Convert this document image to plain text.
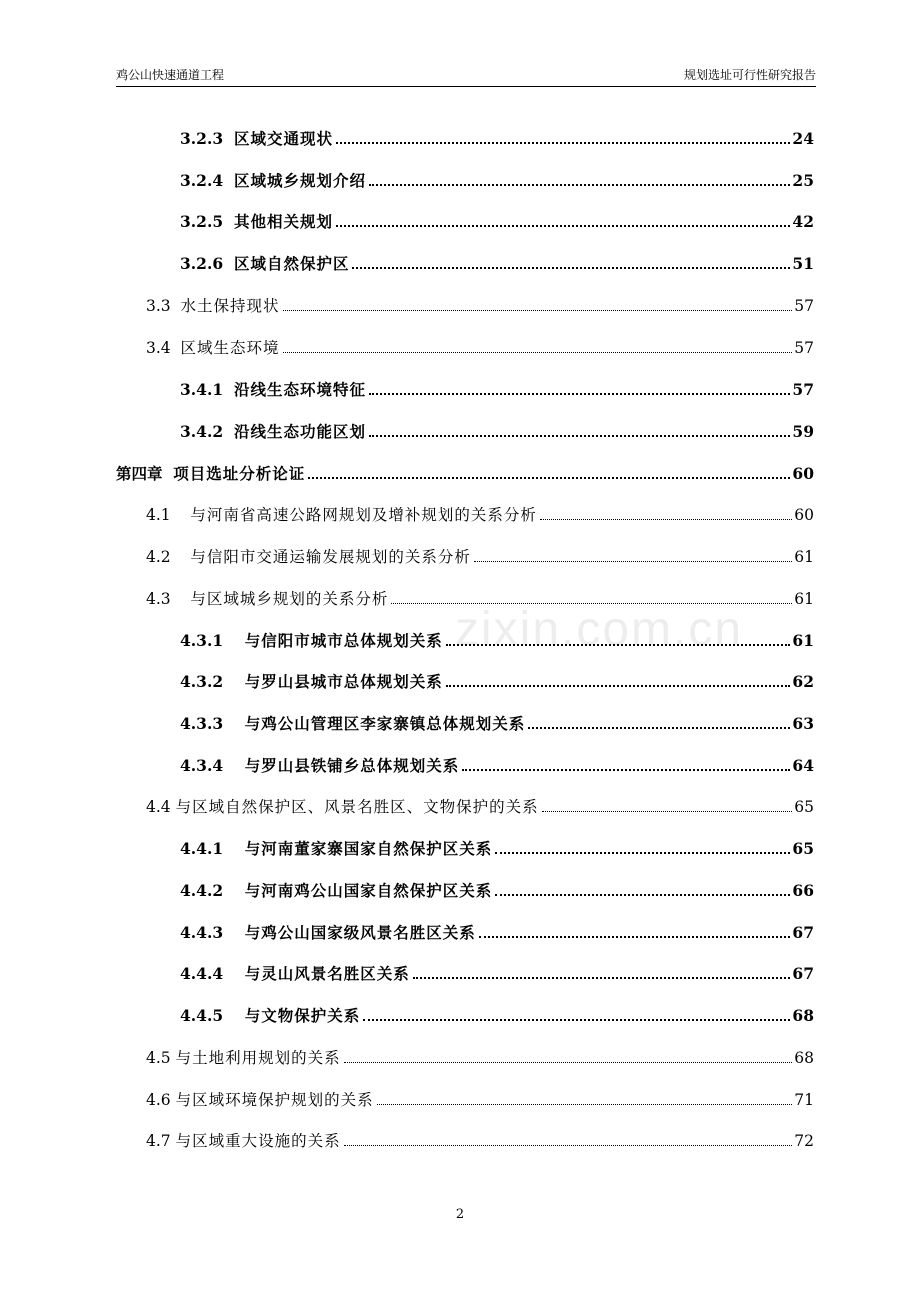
鸡公山快速通道工程	规划选址可行性研究报告
zixin.com.cn
3.2.3 区域交通现状	24
3.2.4 区域城乡规划介绍	25
3.2.5 其他相关规划	42
3.2.6 区域自然保护区	51
3.3 水土保持现状	57
3.4 区域生态环境	57
3.4.1 沿线生态环境特征	57
3.4.2 沿线生态功能区划	59
第四章 项目选址分析论证	60
4.1 与河南省高速公路网规划及增补规划的关系分析	60
4.2 与信阳市交通运输发展规划的关系分析	61
4.3 与区域城乡规划的关系分析	61
4.3.1 与信阳市城市总体规划关系	61
4.3.2 与罗山县城市总体规划关系	62
4.3.3 与鸡公山管理区李家寨镇总体规划关系	63
4.3.4 与罗山县铁铺乡总体规划关系	64
4.4 与区域自然保护区、风景名胜区、文物保护的关系	65
4.4.1 与河南董家寨国家自然保护区关系	65
4.4.2 与河南鸡公山国家自然保护区关系	66
4.4.3 与鸡公山国家级风景名胜区关系	67
4.4.4 与灵山风景名胜区关系	67
4.4.5 与文物保护关系	68
4.5 与土地利用规划的关系	68
4.6 与区域环境保护规划的关系	71
4.7 与区域重大设施的关系	72
2
